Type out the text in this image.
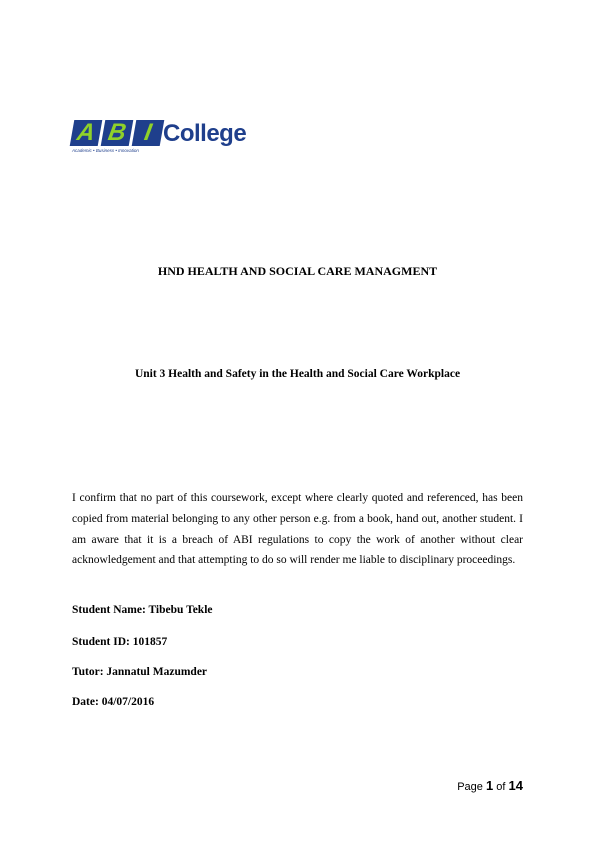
A B I College
Academic • Business • Innovation
HND HEALTH AND SOCIAL CARE MANAGMENT
Unit 3 Health and Safety in the Health and Social Care Workplace
I confirm that no part of this coursework, except where clearly quoted and referenced, has been copied from material belonging to any other person e.g. from a book, hand out, another student. I am aware that it is a breach of ABI regulations to copy the work of another without clear acknowledgement and that attempting to do so will render me liable to disciplinary proceedings.
Student Name: Tibebu Tekle
Student ID: 101857
Tutor: Jannatul Mazumder
Date: 04/07/2016
Page 1 of 14
